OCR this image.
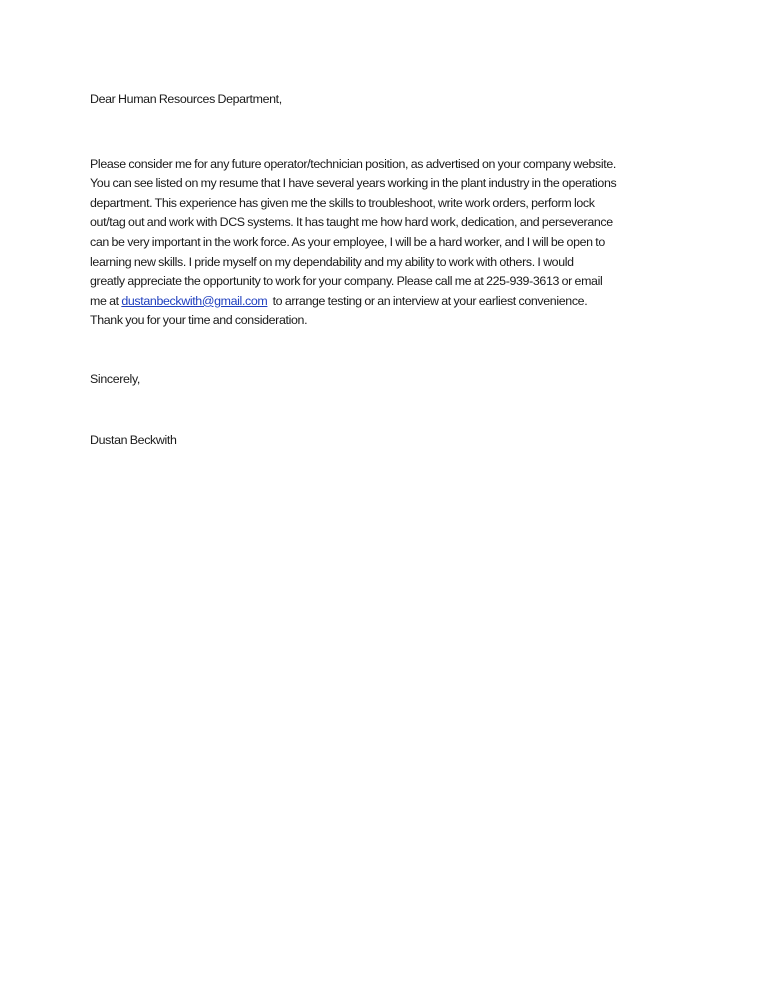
Dear Human Resources Department,

Please consider me for any future operator/technician position, as advertised on your company website.
You can see listed on my resume that I have several years working in the plant industry in the operations
department. This experience has given me the skills to troubleshoot, write work orders, perform lock
out/tag out and work with DCS systems. It has taught me how hard work, dedication, and perseverance
can be very important in the work force. As your employee, I will be a hard worker, and I will be open to
learning new skills. I pride myself on my dependability and my ability to work with others. I would
greatly appreciate the opportunity to work for your company. Please call me at 225-939-3613 or email
me at dustanbeckwith@gmail.com  to arrange testing or an interview at your earliest convenience.
Thank you for your time and consideration.

Sincerely,

Dustan Beckwith
